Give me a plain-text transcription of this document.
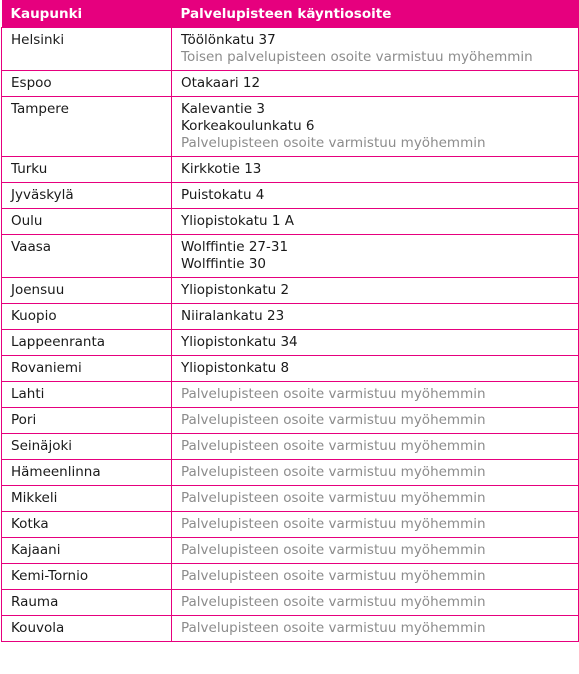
Kaupunki	Palvelupisteen käyntiosoite
Helsinki	Töölönkatu 37
Toisen palvelupisteen osoite varmistuu myöhemmin

Espoo	Otakaari 12

Tampere	Kalevantie 3
Korkeakoulunkatu 6
Palvelupisteen osoite varmistuu myöhemmin

Turku	Kirkkotie 13

Jyväskylä	Puistokatu 4

Oulu	Yliopistokatu 1 A

Vaasa	Wolffintie 27-31
Wolffintie 30

Joensuu	Yliopistonkatu 2

Kuopio	Niiralankatu 23

Lappeenranta	Yliopistonkatu 34

Rovaniemi	Yliopistonkatu 8

Lahti	Palvelupisteen osoite varmistuu myöhemmin

Pori	Palvelupisteen osoite varmistuu myöhemmin

Seinäjoki	Palvelupisteen osoite varmistuu myöhemmin

Hämeenlinna	Palvelupisteen osoite varmistuu myöhemmin

Mikkeli	Palvelupisteen osoite varmistuu myöhemmin

Kotka	Palvelupisteen osoite varmistuu myöhemmin

Kajaani	Palvelupisteen osoite varmistuu myöhemmin

Kemi-Tornio	Palvelupisteen osoite varmistuu myöhemmin

Rauma	Palvelupisteen osoite varmistuu myöhemmin

Kouvola	Palvelupisteen osoite varmistuu myöhemmin
